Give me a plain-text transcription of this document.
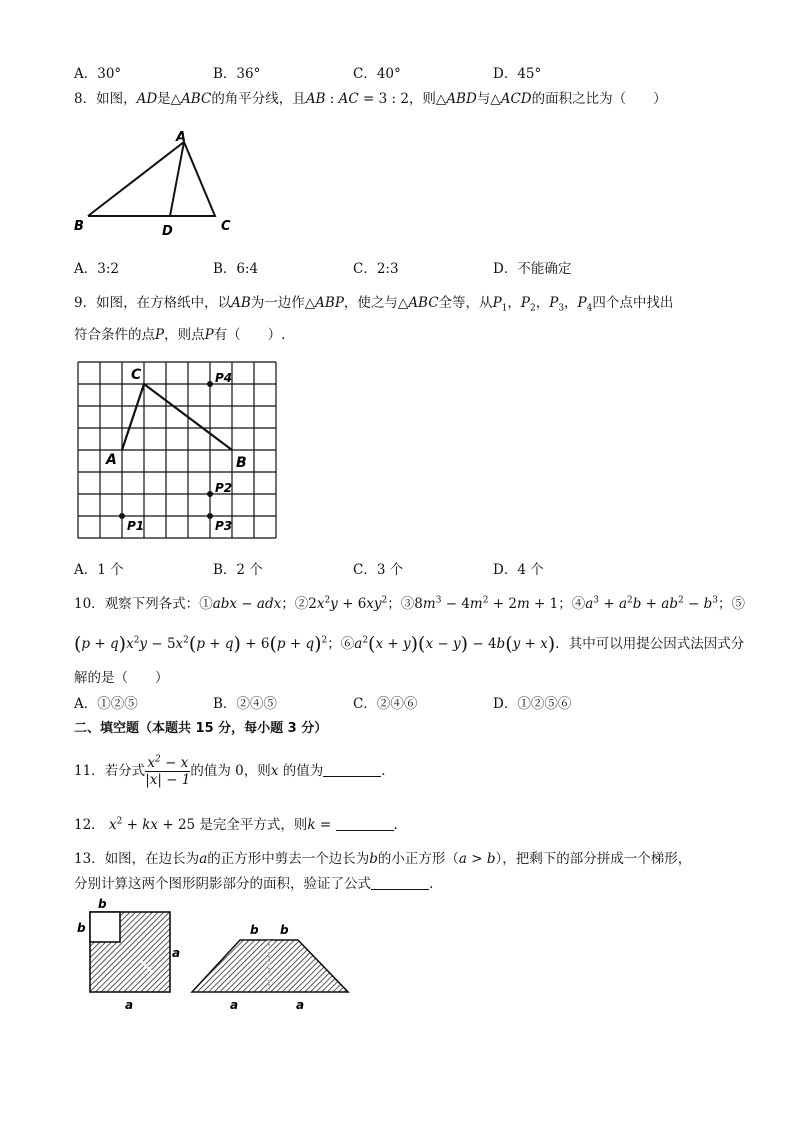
A．30°	B．36°	C．40°	D．45°
8．如图，AD是△ABC的角平分线，且AB : AC = 3 : 2，则△ABD与△ACD的面积之比为（　　）
A
B	D	C
A．3:2	B．6:4	C．2:3	D．不能确定
9．如图，在方格纸中，以AB为一边作△ABP，使之与△ABC全等，从$P_1$，$P_2$，$P_3$，$P_4$四个点中找出
符合条件的点P，则点P有（　　）.
C
A	B
P4
P2
P1	P3
A．1 个	B．2 个	C．3 个	D．4 个
10．观察下列各式：①abx − adx；$②2x^2y + 6xy^2$；$③8m^3 - 4m^2 + 2m + 1$；$④a^3 + a^2b + ab^2 - b^3$；⑤
$(p + q)x^2y - 5x^2(p + q) + 6(p + q)^2$；$⑥a^2(x + y)(x - y) - 4b(y + x)$．其中可以用提公因式法因式分
解的是（　　）
A．①②⑤	B．②④⑤	C．②④⑥	D．①②⑤⑥
二、填空题（本题共 15 分，每小题 3 分）
11．若分式 $\frac{x^2 - x}{|x| - 1}$ 的值为 0，则x 的值为	.
12． $x^2$ + kx + 25 是完全平方式，则k =	.
13．如图，在边长为a的正方形中剪去一个边长为b的小正方形（a > b），把剩下的部分拼成一个梯形，
分别计算这两个图形阴影部分的面积，验证了公式	.
b
b
a
a
b b
a	a
